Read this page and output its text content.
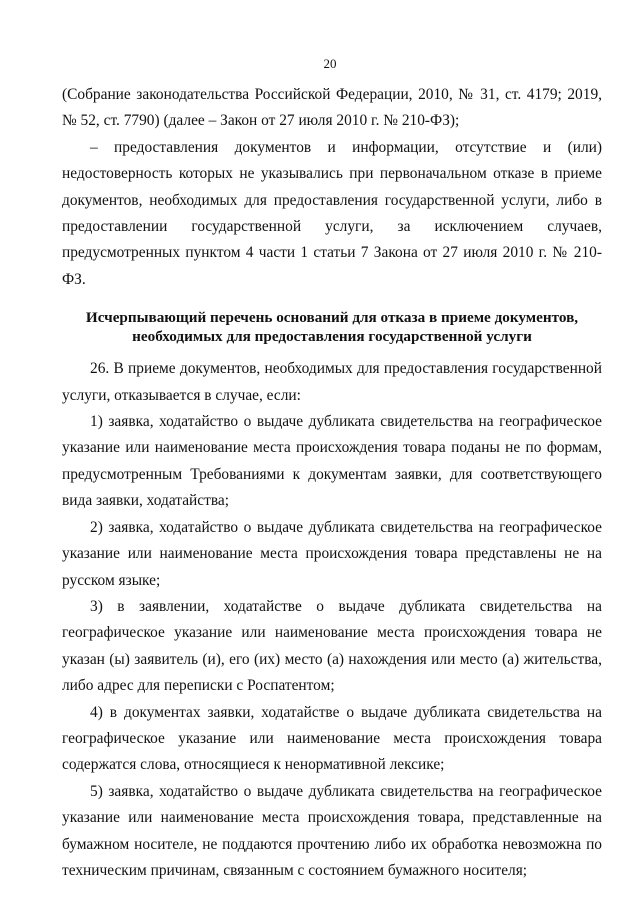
20

(Собрание законодательства Российской Федерации, 2010, № 31, ст. 4179; 2019, № 52, ст. 7790) (далее – Закон от 27 июля 2010 г. № 210-ФЗ);

– предоставления документов и информации, отсутствие и (или) недостоверность которых не указывались при первоначальном отказе в приеме документов, необходимых для предоставления государственной услуги, либо в предоставлении государственной услуги, за исключением случаев, предусмотренных пунктом 4 части 1 статьи 7 Закона от 27 июля 2010 г. № 210-ФЗ.

Исчерпывающий перечень оснований для отказа в приеме документов,
необходимых для предоставления государственной услуги

26. В приеме документов, необходимых для предоставления государственной услуги, отказывается в случае, если:

1) заявка, ходатайство о выдаче дубликата свидетельства на географическое указание или наименование места происхождения товара поданы не по формам, предусмотренным Требованиями к документам заявки, для соответствующего вида заявки, ходатайства;

2) заявка, ходатайство о выдаче дубликата свидетельства на географическое указание или наименование места происхождения товара представлены не на русском языке;

3) в заявлении, ходатайстве о выдаче дубликата свидетельства на географическое указание или наименование места происхождения товара не указан (ы) заявитель (и), его (их) место (а) нахождения или место (а) жительства, либо адрес для переписки с Роспатентом;

4) в документах заявки, ходатайстве о выдаче дубликата свидетельства на географическое указание или наименование места происхождения товара содержатся слова, относящиеся к ненормативной лексике;

5) заявка, ходатайство о выдаче дубликата свидетельства на географическое указание или наименование места происхождения товара, представленные на бумажном носителе, не поддаются прочтению либо их обработка невозможна по техническим причинам, связанным с состоянием бумажного носителя;
